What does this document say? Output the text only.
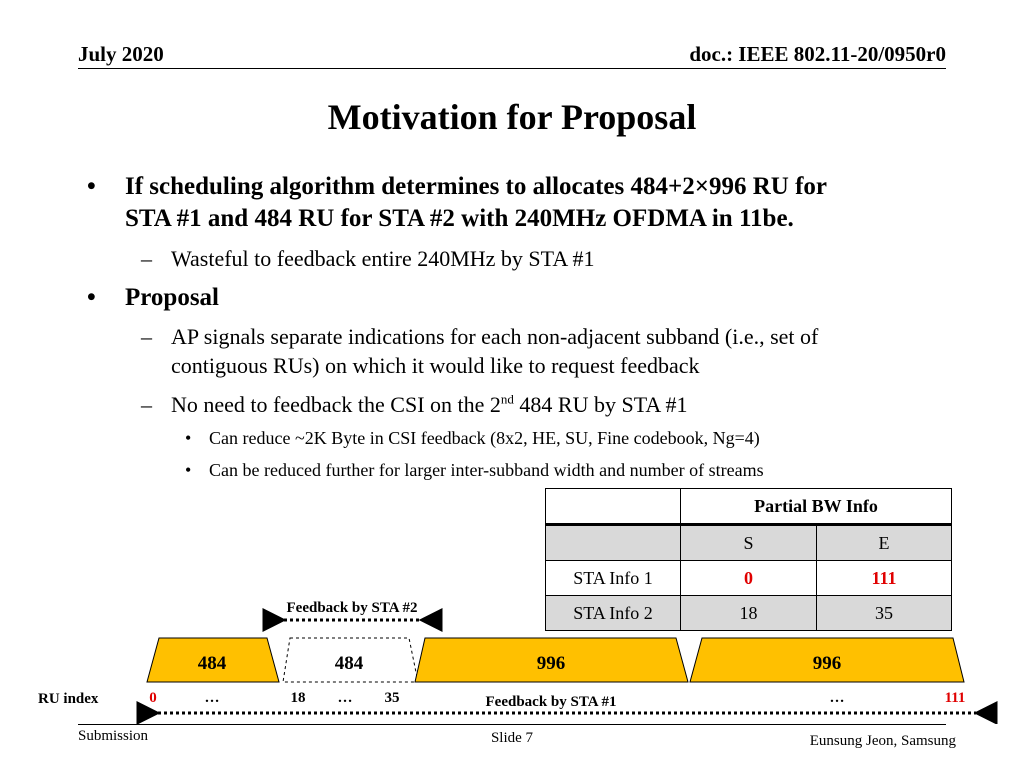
July 2020	doc.: IEEE 802.11-20/0950r0
Motivation for Proposal
• If scheduling algorithm determines to allocates 484+2×996 RU for
STA #1 and 484 RU for STA #2 with 240MHz OFDMA in 11be.
– Wasteful to feedback entire 240MHz by STA #1
• Proposal
– AP signals separate indications for each non-adjacent subband (i.e., set of
contiguous RUs) on which it would like to request feedback
– No need to feedback the CSI on the 2nd 484 RU by STA #1
• Can reduce ~2K Byte in CSI feedback (8x2, HE, SU, Fine codebook, Ng=4)
• Can be reduced further for larger inter-subband width and number of streams
	Partial BW Info	
	S	E
STA Info 1	0	111
STA Info 2	18	35
Feedback by STA #2
484	484	996	996
RU index	0	…	18 … 35	…	111
Feedback by STA #1
Submission	Slide 7	Eunsung Jeon, Samsung
